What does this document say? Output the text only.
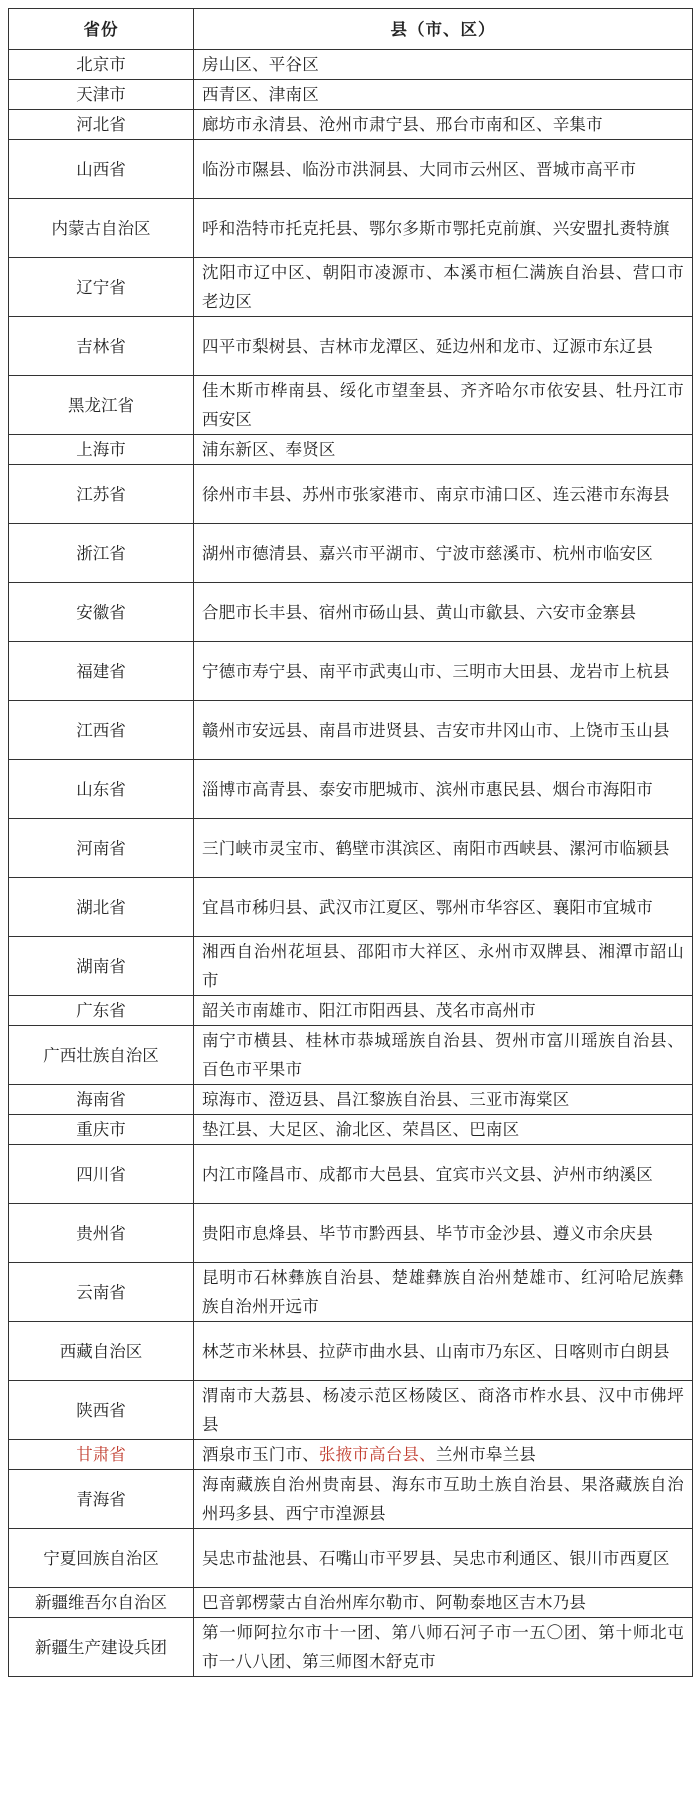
省份	县（市、区）
北京市	房山区、平谷区
天津市	西青区、津南区
河北省	廊坊市永清县、沧州市肃宁县、邢台市南和区、辛集市
山西省	临汾市隰县、临汾市洪洞县、大同市云州区、晋城市高平市
内蒙古自治区	呼和浩特市托克托县、鄂尔多斯市鄂托克前旗、兴安盟扎赉特旗
辽宁省	沈阳市辽中区、朝阳市凌源市、本溪市桓仁满族自治县、营口市老边区
吉林省	四平市梨树县、吉林市龙潭区、延边州和龙市、辽源市东辽县
黑龙江省	佳木斯市桦南县、绥化市望奎县、齐齐哈尔市依安县、牡丹江市西安区
上海市	浦东新区、奉贤区
江苏省	徐州市丰县、苏州市张家港市、南京市浦口区、连云港市东海县
浙江省	湖州市德清县、嘉兴市平湖市、宁波市慈溪市、杭州市临安区
安徽省	合肥市长丰县、宿州市砀山县、黄山市歙县、六安市金寨县
福建省	宁德市寿宁县、南平市武夷山市、三明市大田县、龙岩市上杭县
江西省	赣州市安远县、南昌市进贤县、吉安市井冈山市、上饶市玉山县
山东省	淄博市高青县、泰安市肥城市、滨州市惠民县、烟台市海阳市
河南省	三门峡市灵宝市、鹤壁市淇滨区、南阳市西峡县、漯河市临颍县
湖北省	宜昌市秭归县、武汉市江夏区、鄂州市华容区、襄阳市宜城市
湖南省	湘西自治州花垣县、邵阳市大祥区、永州市双牌县、湘潭市韶山市
广东省	韶关市南雄市、阳江市阳西县、茂名市高州市
广西壮族自治区	南宁市横县、桂林市恭城瑶族自治县、贺州市富川瑶族自治县、百色市平果市
海南省	琼海市、澄迈县、昌江黎族自治县、三亚市海棠区
重庆市	垫江县、大足区、渝北区、荣昌区、巴南区
四川省	内江市隆昌市、成都市大邑县、宜宾市兴文县、泸州市纳溪区
贵州省	贵阳市息烽县、毕节市黔西县、毕节市金沙县、遵义市余庆县
云南省	昆明市石林彝族自治县、楚雄彝族自治州楚雄市、红河哈尼族彝族自治州开远市
西藏自治区	林芝市米林县、拉萨市曲水县、山南市乃东区、日喀则市白朗县
陕西省	渭南市大荔县、杨凌示范区杨陵区、商洛市柞水县、汉中市佛坪县
甘肃省	酒泉市玉门市、张掖市高台县、兰州市皋兰县
青海省	海南藏族自治州贵南县、海东市互助土族自治县、果洛藏族自治州玛多县、西宁市湟源县
宁夏回族自治区	吴忠市盐池县、石嘴山市平罗县、吴忠市利通区、银川市西夏区
新疆维吾尔自治区	巴音郭楞蒙古自治州库尔勒市、阿勒泰地区吉木乃县
新疆生产建设兵团	第一师阿拉尔市十一团、第八师石河子市一五〇团、第十师北屯市一八八团、第三师图木舒克市
